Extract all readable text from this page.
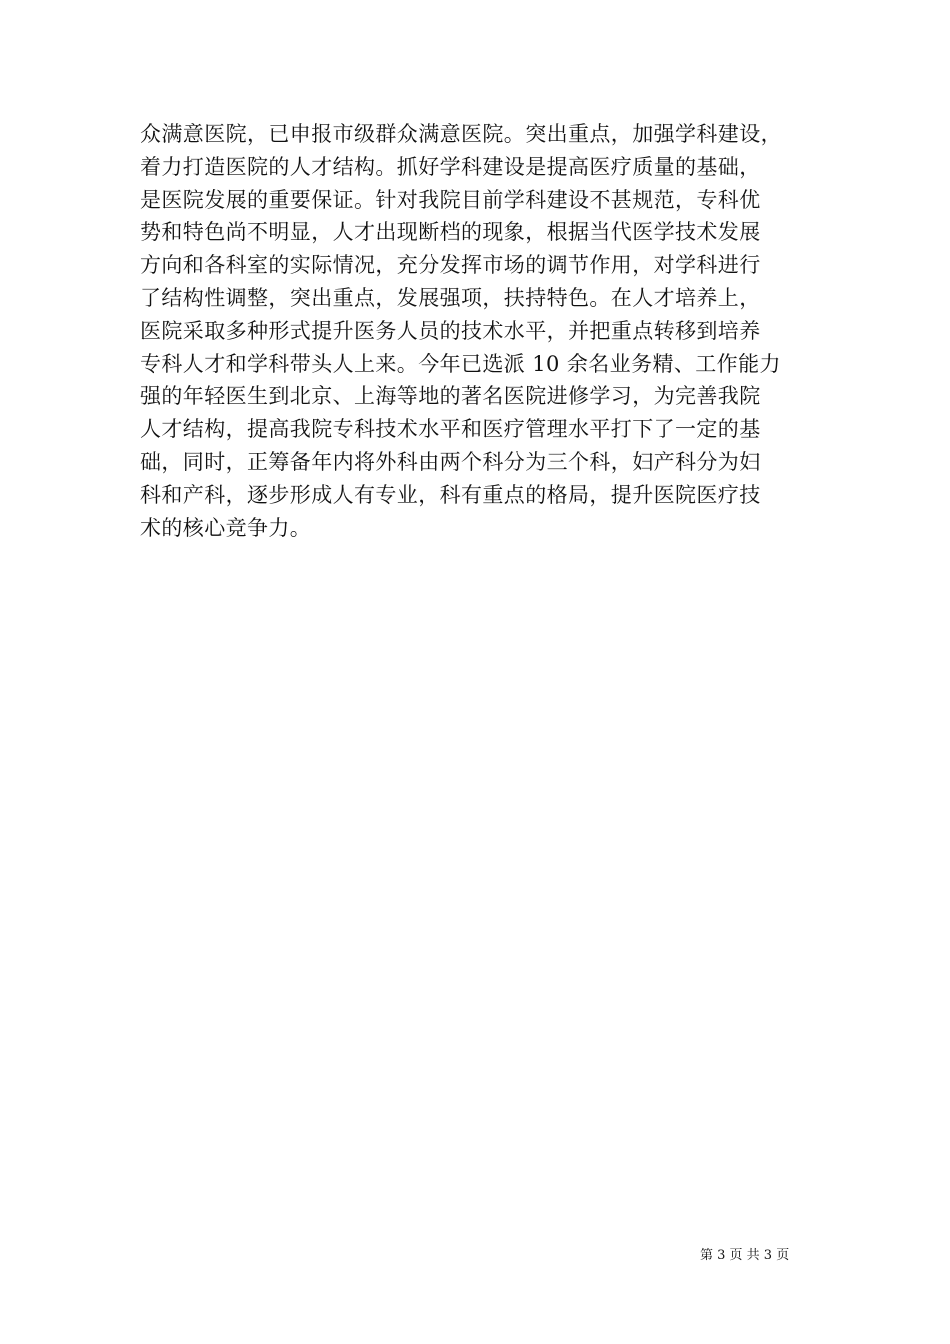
众满意医院，已申报市级群众满意医院。突出重点，加强学科建设，
着力打造医院的人才结构。抓好学科建设是提高医疗质量的基础，
是医院发展的重要保证。针对我院目前学科建设不甚规范，专科优
势和特色尚不明显，人才出现断档的现象，根据当代医学技术发展
方向和各科室的实际情况，充分发挥市场的调节作用，对学科进行
了结构性调整，突出重点，发展强项，扶持特色。在人才培养上，
医院采取多种形式提升医务人员的技术水平，并把重点转移到培养
专科人才和学科带头人上来。今年已选派 10 余名业务精、工作能力
强的年轻医生到北京、上海等地的著名医院进修学习，为完善我院
人才结构，提高我院专科技术水平和医疗管理水平打下了一定的基
础，同时，正筹备年内将外科由两个科分为三个科，妇产科分为妇
科和产科，逐步形成人有专业，科有重点的格局，提升医院医疗技
术的核心竞争力。
第 3 页 共 3 页
